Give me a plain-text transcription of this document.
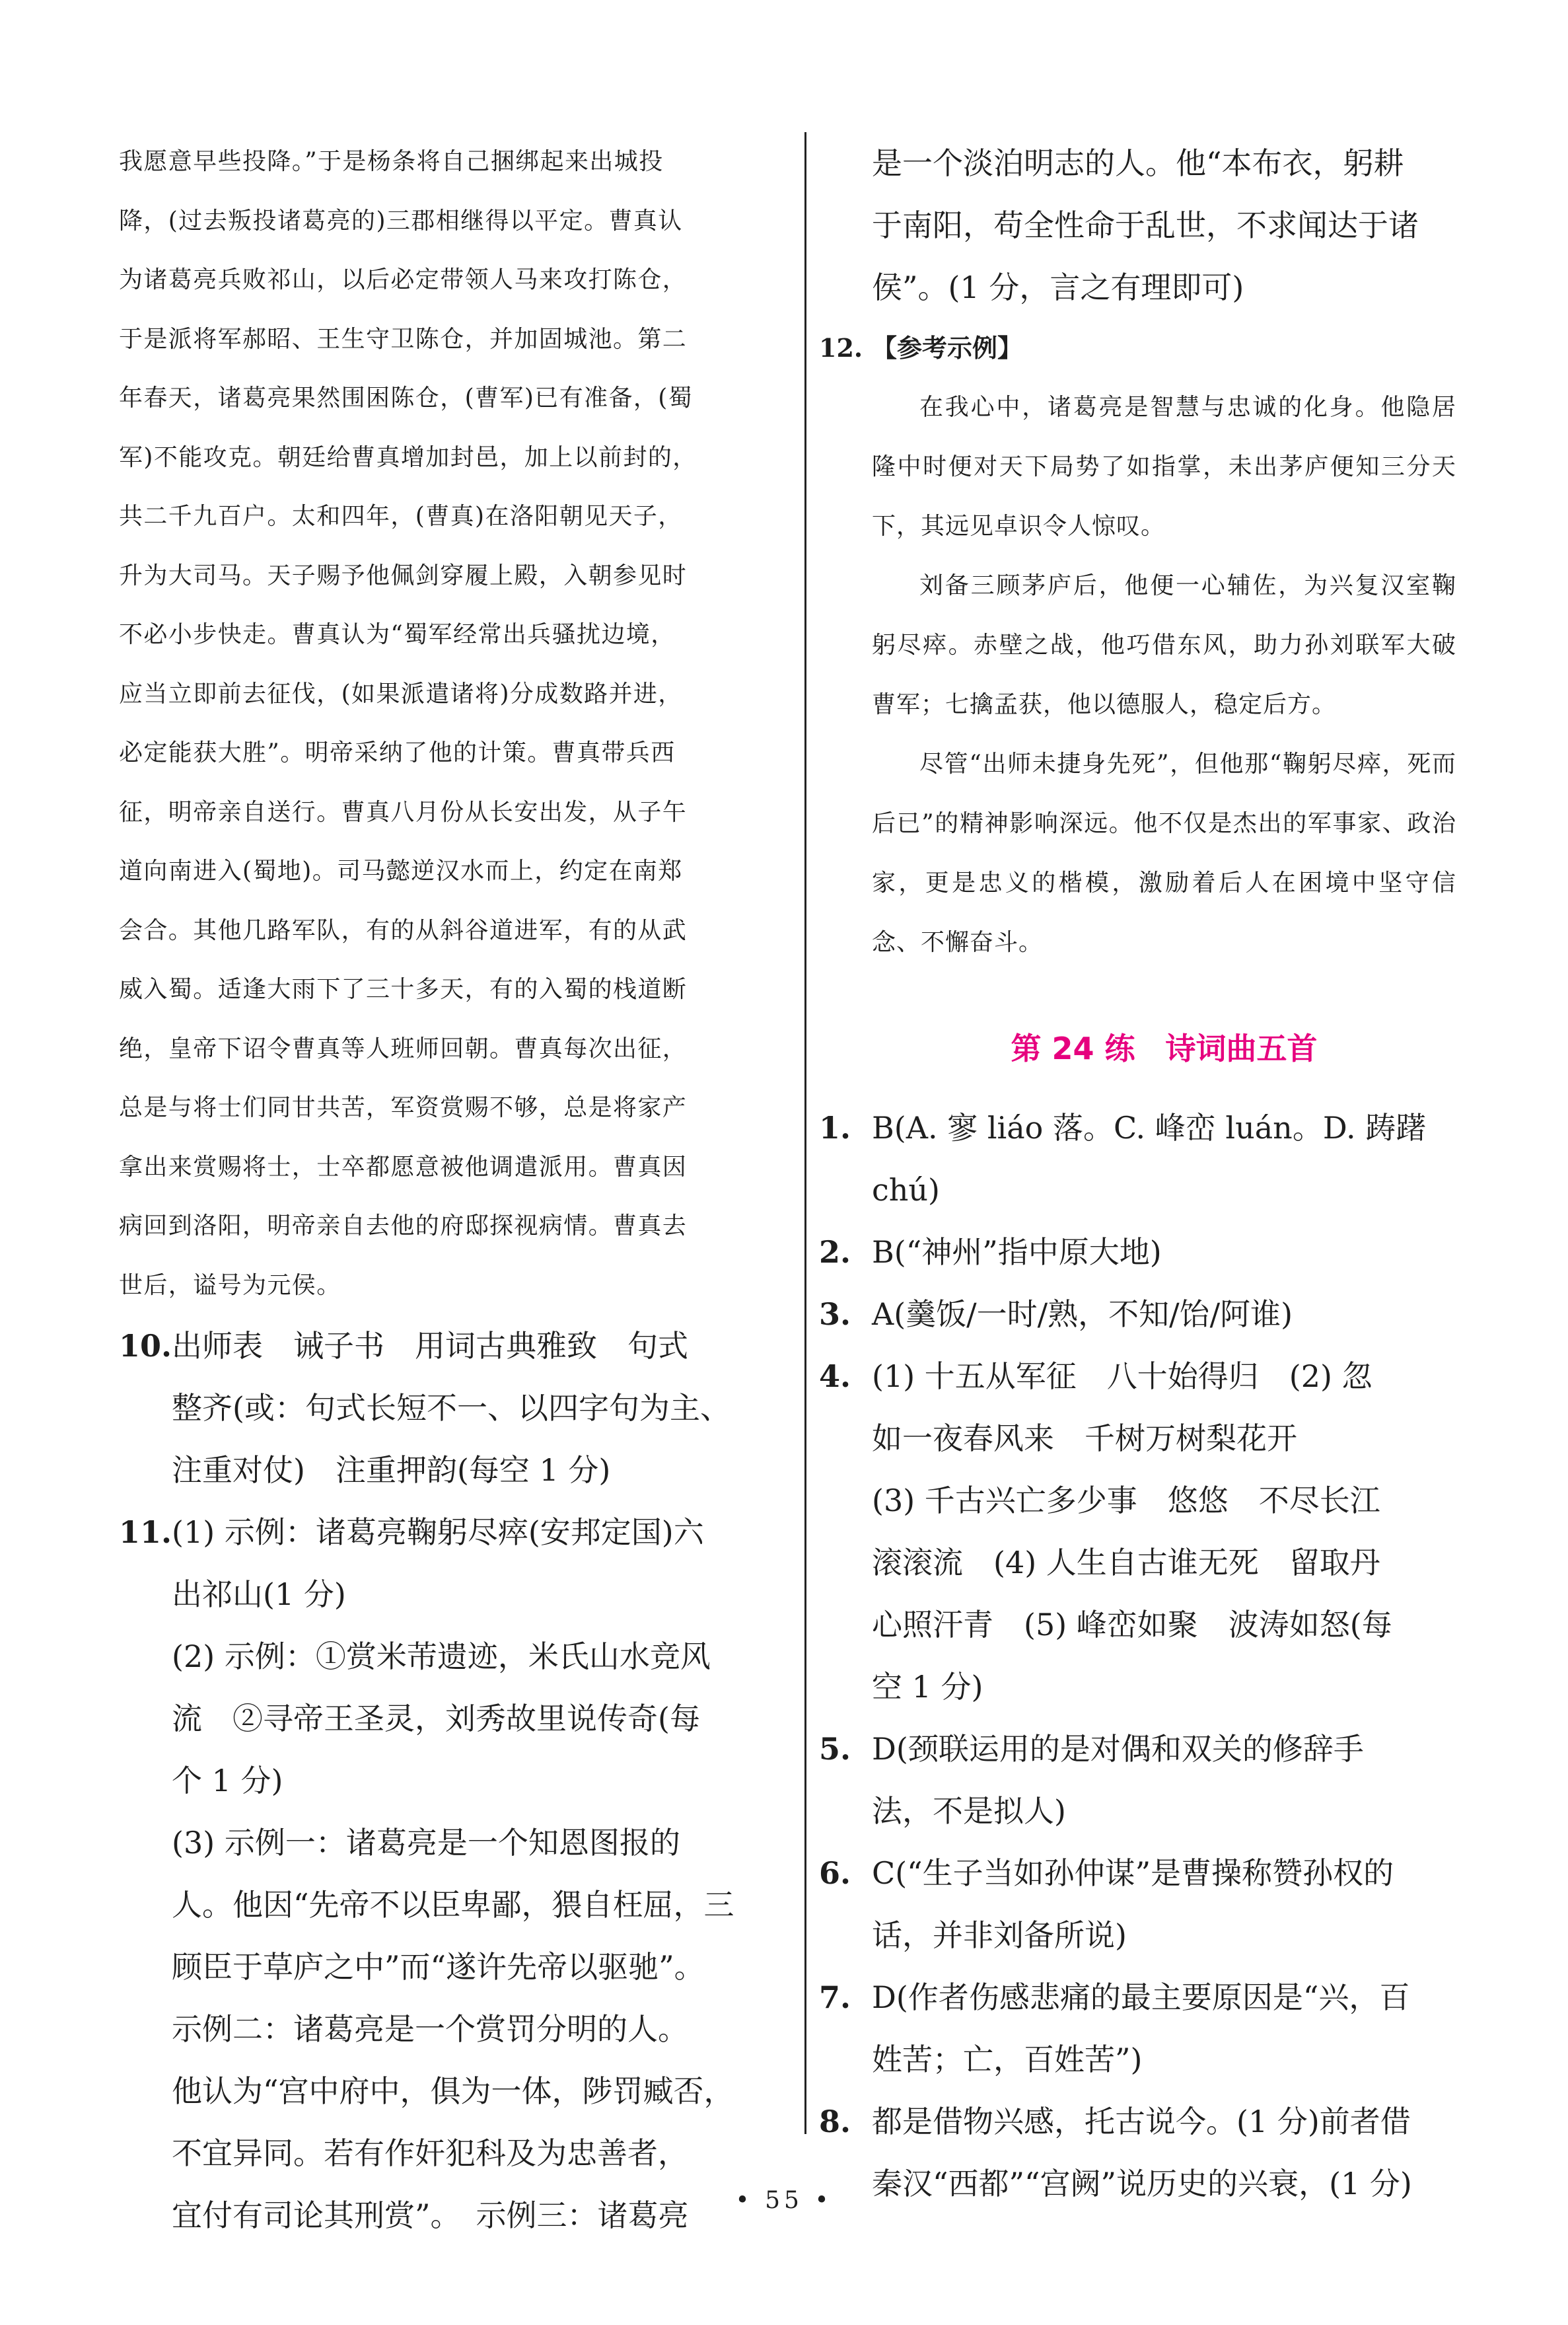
我愿意早些投降。”于是杨条将自己捆绑起来出城投

降，(过去叛投诸葛亮的)三郡相继得以平定。曹真认

为诸葛亮兵败祁山，以后必定带领人马来攻打陈仓，

于是派将军郝昭、王生守卫陈仓，并加固城池。第二

年春天，诸葛亮果然围困陈仓，(曹军)已有准备，(蜀

军)不能攻克。朝廷给曹真增加封邑，加上以前封的，

共二千九百户。太和四年，(曹真)在洛阳朝见天子，

升为大司马。天子赐予他佩剑穿履上殿，入朝参见时

不必小步快走。曹真认为“蜀军经常出兵骚扰边境，

应当立即前去征伐，(如果派遣诸将)分成数路并进，

必定能获大胜”。明帝采纳了他的计策。曹真带兵西

征，明帝亲自送行。曹真八月份从长安出发，从子午

道向南进入(蜀地)。司马懿逆汉水而上，约定在南郑

会合。其他几路军队，有的从斜谷道进军，有的从武

威入蜀。适逢大雨下了三十多天，有的入蜀的栈道断

绝，皇帝下诏令曹真等人班师回朝。曹真每次出征，

总是与将士们同甘共苦，军资赏赐不够，总是将家产

拿出来赏赐将士，士卒都愿意被他调遣派用。曹真因

病回到洛阳，明帝亲自去他的府邸探视病情。曹真去

世后，谥号为元侯。

10. 出师表　诫子书　用词古典雅致　句式

整齐(或：句式长短不一、以四字句为主、

注重对仗)　注重押韵(每空 1 分)

11. (1) 示例：诸葛亮鞠躬尽瘁(安邦定国)六

出祁山(1 分)

(2) 示例：①赏米芾遗迹，米氏山水竞风

流　②寻帝王圣灵，刘秀故里说传奇(每

个 1 分)

(3) 示例一：诸葛亮是一个知恩图报的

人。他因“先帝不以臣卑鄙，猥自枉屈，三

顾臣于草庐之中”而“遂许先帝以驱驰”。

示例二：诸葛亮是一个赏罚分明的人。

他认为“宫中府中，俱为一体，陟罚臧否，

不宜异同。若有作奸犯科及为忠善者，

宜付有司论其刑赏”。　示例三：诸葛亮

是一个淡泊明志的人。他“本布衣，躬耕

于南阳，苟全性命于乱世，不求闻达于诸

侯”。(1 分，言之有理即可)

12. 【参考示例】

在我心中，诸葛亮是智慧与忠诚的化身。他隐居隆中时便对天下局势了如指掌，未出茅庐便知三分天下，其远见卓识令人惊叹。

刘备三顾茅庐后，他便一心辅佐，为兴复汉室鞠躬尽瘁。赤壁之战，他巧借东风，助力孙刘联军大破曹军；七擒孟获，他以德服人，稳定后方。

尽管“出师未捷身先死”，但他那“鞠躬尽瘁，死而后已”的精神影响深远。他不仅是杰出的军事家、政治家，更是忠义的楷模，激励着后人在困境中坚守信念、不懈奋斗。

第 24 练　诗词曲五首
1. B(A. 寥 liáo 落。C. 峰峦 luán。D. 踌躇

chú)

2. B(“神州”指中原大地)

3. A(羹饭/一时/熟，不知/饴/阿谁)

4. (1) 十五从军征　八十始得归　(2) 忽

如一夜春风来　千树万树梨花开

(3) 千古兴亡多少事　悠悠　不尽长江

滚滚流　(4) 人生自古谁无死　留取丹

心照汗青　(5) 峰峦如聚　波涛如怒(每

空 1 分)

5. D(颈联运用的是对偶和双关的修辞手

法，不是拟人)

6. C(“生子当如孙仲谋”是曹操称赞孙权的

话，并非刘备所说)

7. D(作者伤感悲痛的最主要原因是“兴，百

姓苦；亡，百姓苦”)

8. 都是借物兴感，托古说今。(1 分)前者借

秦汉“西都”“宫阙”说历史的兴衰，(1 分)

• 55 •
